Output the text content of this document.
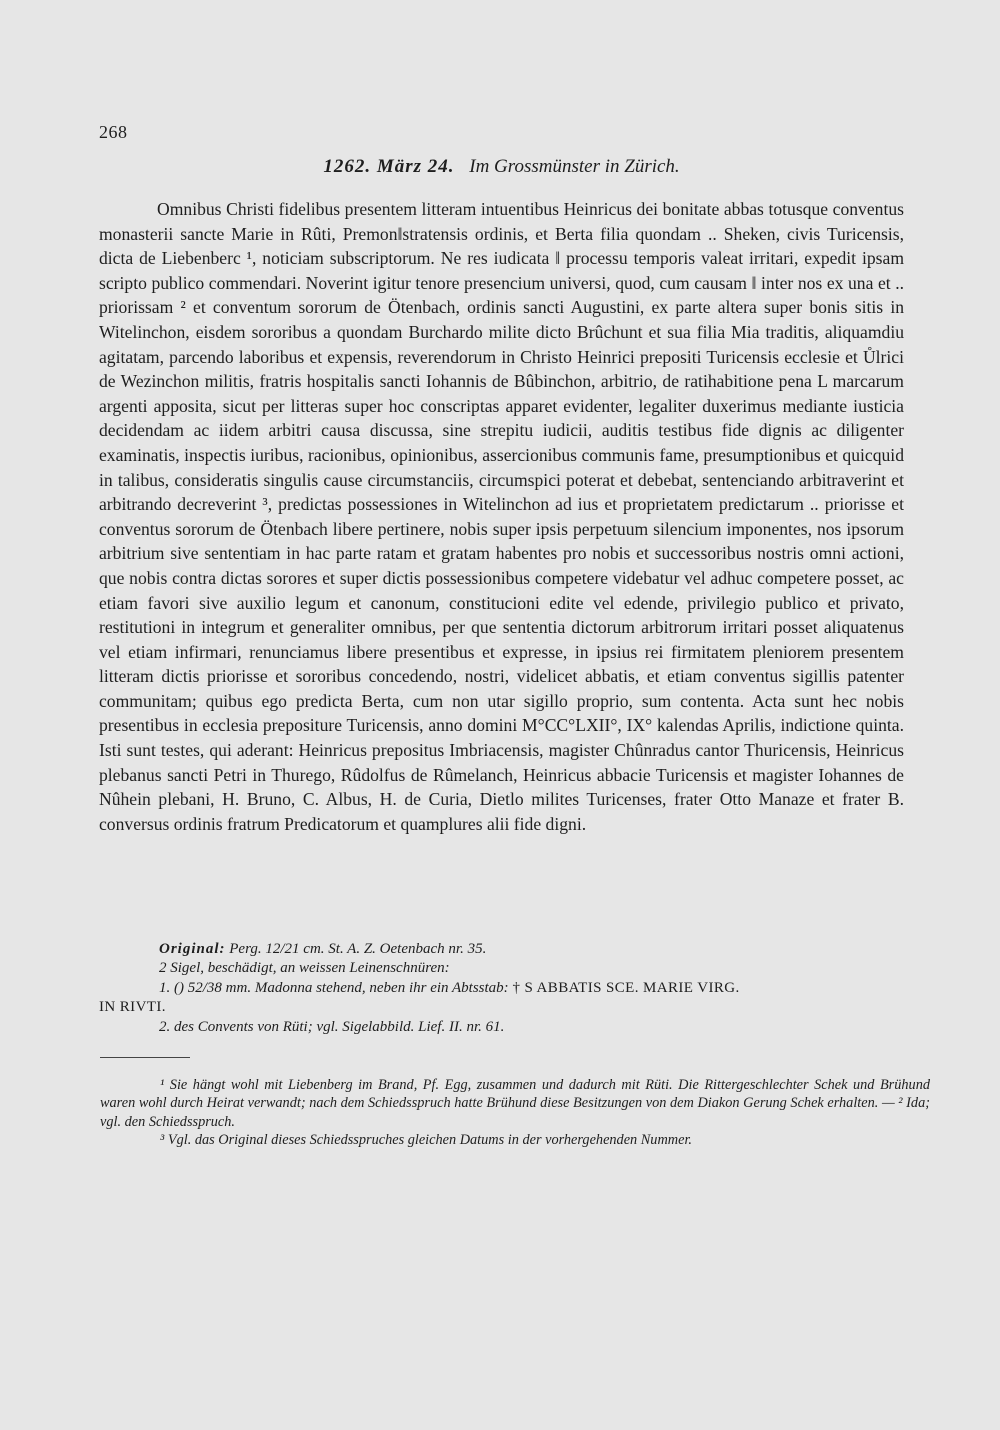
268
1262. März 24. Im Grossmünster in Zürich.

Omnibus Christi fidelibus presentem litteram intuentibus Heinricus dei bonitate abbas totusque conventus monasterii sancte Marie in Rûti, Premon‖stratensis ordinis, et Berta filia quondam .. Sheken, civis Turicensis, dicta de Liebenberc ¹, noticiam subscriptorum. Ne res iudicata ‖ processu temporis valeat irritari, expedit ipsam scripto publico commendari. Noverint igitur tenore presencium universi, quod, cum causam ‖ inter nos ex una et .. priorissam ² et conventum sororum de Ötenbach, ordinis sancti Augustini, ex parte altera super bonis sitis in Witelinchon, eisdem sororibus a quondam Burchardo milite dicto Brûchunt et sua filia Mia traditis, aliquamdiu agitatam, parcendo laboribus et expensis, reverendorum in Christo Heinrici prepositi Turicensis ecclesie et Ůlrici de Wezinchon militis, fratris hospitalis sancti Iohannis de Bûbinchon, arbitrio, de ratihabitione pena L marcarum argenti apposita, sicut per litteras super hoc conscriptas apparet evidenter, legaliter duxerimus mediante iusticia decidendam ac iidem arbitri causa discussa, sine strepitu iudicii, auditis testibus fide dignis ac diligenter examinatis, inspectis iuribus, racionibus, opinionibus, assercionibus communis fame, presumptionibus et quicquid in talibus, consideratis singulis cause circumstanciis, circumspici poterat et debebat, sentenciando arbitraverint et arbitrando decreverint ³, predictas possessiones in Witelinchon ad ius et proprietatem predictarum .. priorisse et conventus sororum de Ötenbach libere pertinere, nobis super ipsis perpetuum silencium imponentes, nos ipsorum arbitrium sive sententiam in hac parte ratam et gratam habentes pro nobis et successoribus nostris omni actioni, que nobis contra dictas sorores et super dictis possessionibus competere videbatur vel adhuc competere posset, ac etiam favori sive auxilio legum et canonum, constitucioni edite vel edende, privilegio publico et privato, restitutioni in integrum et generaliter omnibus, per que sententia dictorum arbitrorum irritari posset aliquatenus vel etiam infirmari, renunciamus libere presentibus et expresse, in ipsius rei firmitatem pleniorem presentem litteram dictis priorisse et sororibus concedendo, nostri, videlicet abbatis, et etiam conventus sigillis patenter communitam; quibus ego predicta Berta, cum non utar sigillo proprio, sum contenta. Acta sunt hec nobis presentibus in ecclesia prepositure Turicensis, anno domini M°CC°LXII°, IX° kalendas Aprilis, indictione quinta. Isti sunt testes, qui aderant: Heinricus prepositus Imbriacensis, magister Chûnradus cantor Thuricensis, Heinricus plebanus sancti Petri in Thurego, Rûdolfus de Rûmelanch, Heinricus abbacie Turicensis et magister Iohannes de Nûhein plebani, H. Bruno, C. Albus, H. de Curia, Dietlo milites Turicenses, frater Otto Manaze et frater B. conversus ordinis fratrum Predicatorum et quamplures alii fide digni.

Original: Perg. 12/21 cm. St. A. Z. Oetenbach nr. 35.
2 Sigel, beschädigt, an weissen Leinenschnüren:
1. () 52/38 mm. Madonna stehend, neben ihr ein Abtsstab: † S ABBATIS SCE. MARIE VIRG.
IN RIVTI.
2. des Convents von Rüti; vgl. Sigelabbild. Lief. II. nr. 61.

¹ Sie hängt wohl mit Liebenberg im Brand, Pf. Egg, zusammen und dadurch mit Rüti. Die Rittergeschlechter Schek und Brühund waren wohl durch Heirat verwandt; nach dem Schiedsspruch hatte Brühund diese Besitzungen von dem Diakon Gerung Schek erhalten. — ² Ida; vgl. den Schiedsspruch.

³ Vgl. das Original dieses Schiedsspruches gleichen Datums in der vorhergehenden Nummer.
